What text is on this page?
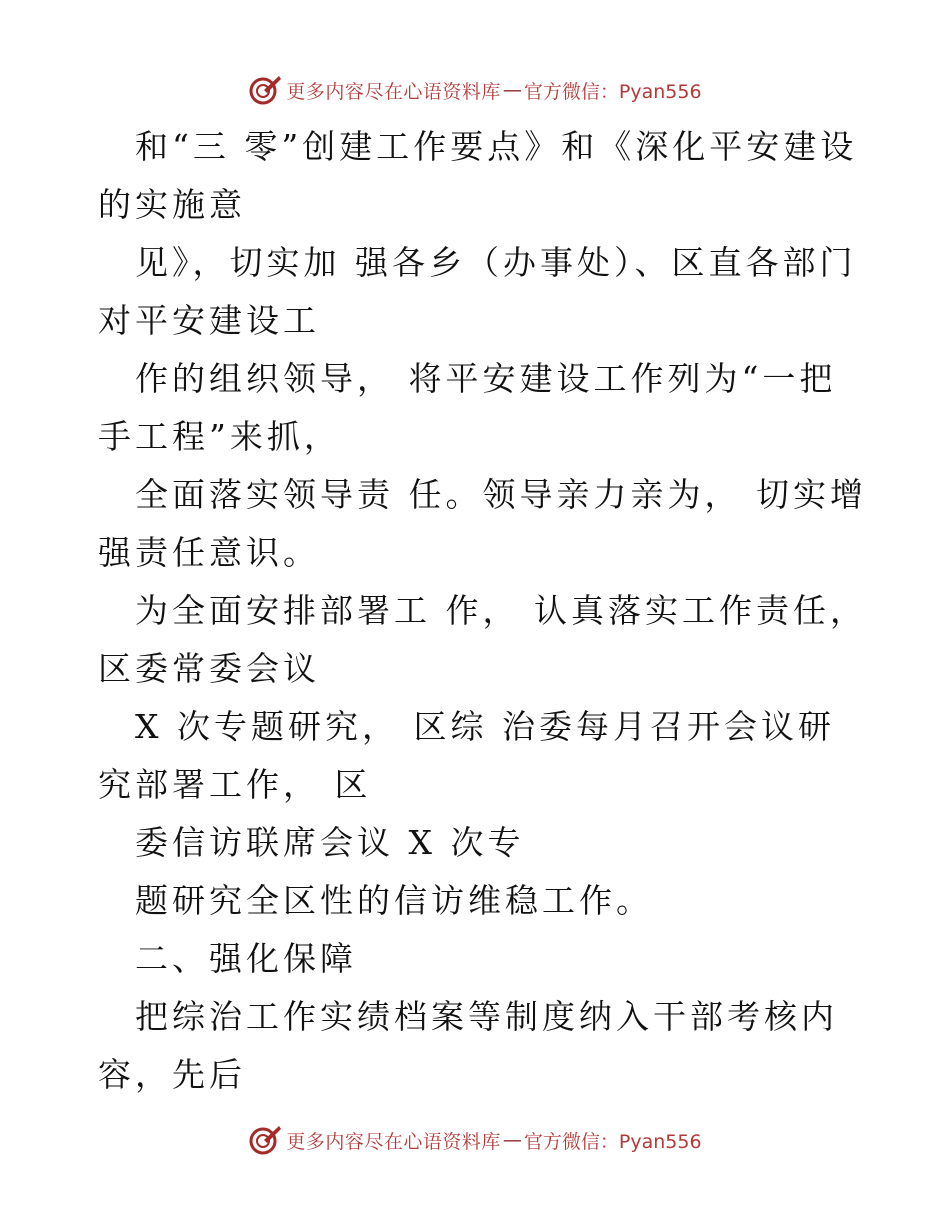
更多内容尽在心语资料库 — 官方微信：Pyan556

和“三 零”创建工作要点》和《深化平安建设的实施意

见》，切实加 强各乡（办事处）、区直各部门对平安建设工

作的组织领导， 将平安建设工作列为“一把手工程”来抓，

全面落实领导责 任。领导亲力亲为， 切实增强责任意识。

为全面安排部署工 作， 认真落实工作责任，区委常委会议

X 次专题研究， 区综 治委每月召开会议研究部署工作， 区

委信访联席会议 X 次专

题研究全区性的信访维稳工作。

二、强化保障

把综治工作实绩档案等制度纳入干部考核内容，先后

更多内容尽在心语资料库 — 官方微信：Pyan556
